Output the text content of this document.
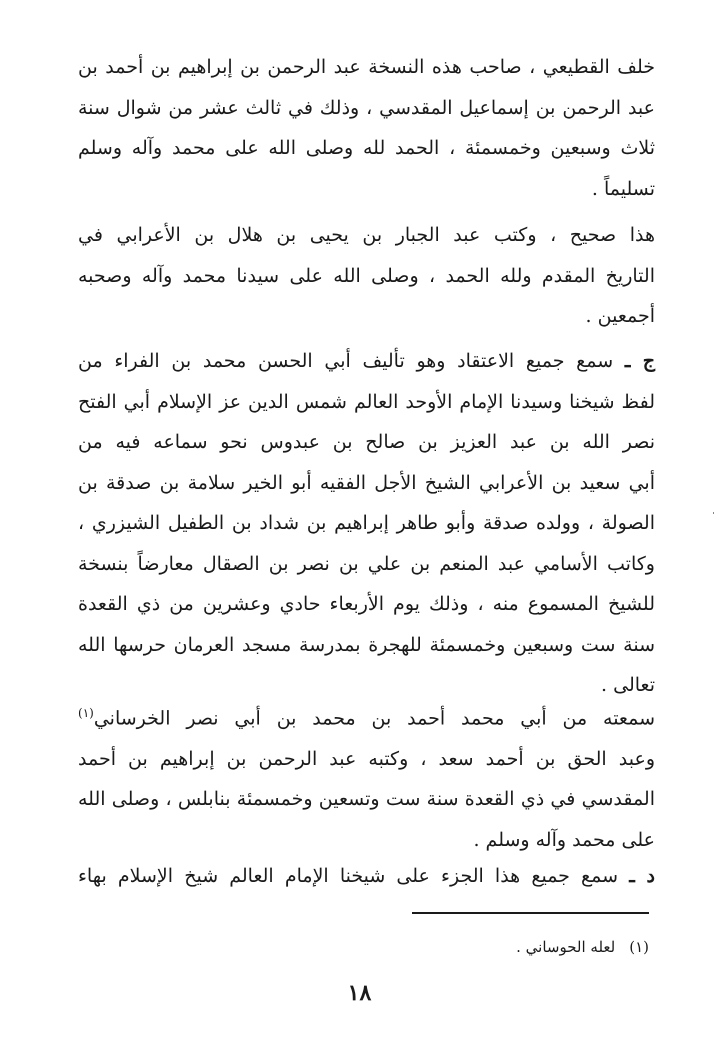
خلف القطيعي ، صاحب هذه النسخة عبد الرحمن بن إبراهيم بن أحمد بن
عبد الرحمن بن إسماعيل المقدسي ، وذلك في ثالث عشر من شوال سنة
ثلاث وسبعين وخمسمئة ، الحمد لله وصلى الله على محمد وآله وسلم
تسليماً .
هذا صحيح ، وكتب عبد الجبار بن يحيى بن هلال بن الأعرابي في
التاريخ المقدم ولله الحمد ، وصلى الله على سيدنا محمد وآله وصحبه
أجمعين .
ج ـ سمع جميع الاعتقاد وهو تأليف أبي الحسن محمد بن الفراء من
لفظ شيخنا وسيدنا الإمام الأوحد العالم شمس الدين عز الإسلام أبي الفتح
نصر الله بن عبد العزيز بن صالح بن عبدوس نحو سماعه فيه من
أبي سعيد بن الأعرابي الشيخ الأجل الفقيه أبو الخير سلامة بن صدقة بن
الصولة ، وولده صدقة وأبو طاهر إبراهيم بن شداد بن الطفيل الشيزري ،
وكاتب الأسامي عبد المنعم بن علي بن نصر بن الصقال معارضاً بنسخة
للشيخ المسموع منه ، وذلك يوم الأربعاء حادي وعشرين من ذي القعدة
سنة ست وسبعين وخمسمئة للهجرة بمدرسة مسجد العرمان حرسها الله
تعالى .
سمعته من أبي محمد أحمد بن محمد بن أبي نصر الخرساني$^{(١)}$
وعبد الحق بن أحمد سعد ، وكتبه عبد الرحمن بن إبراهيم بن أحمد
المقدسي في ذي القعدة سنة ست وتسعين وخمسمئة بنابلس ، وصلى الله
على محمد وآله وسلم .
د ـ سمع جميع هذا الجزء على شيخنا الإمام العالم شيخ الإسلام بهاء
(١)لعله الحوساني .
١٨
